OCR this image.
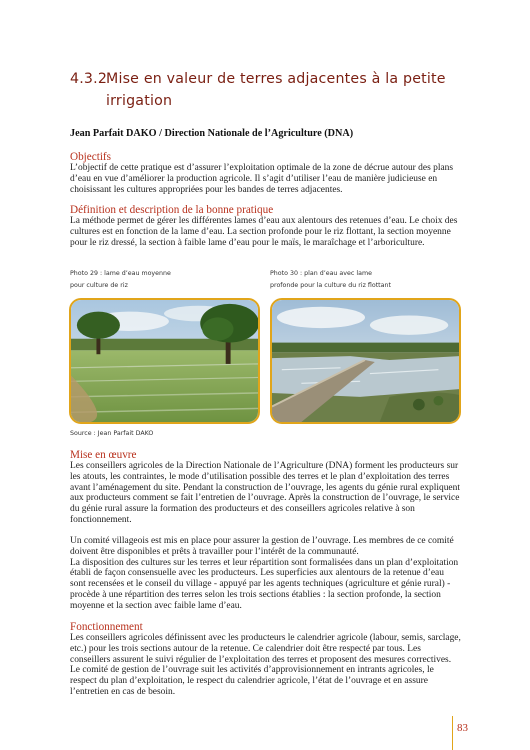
4.3.2Mise en valeur de terres adjacentes à la petite
irrigation
Jean Parfait DAKO / Direction Nationale de l’Agriculture (DNA)
Objectifs

L’objectif de cette pratique est d’assurer l’exploitation optimale de la zone de décrue autour des plans d’eau en vue d’améliorer la production agricole. Il s’agit d’utiliser l’eau de manière judicieuse en choisissant les cultures appropriées pour les bandes de terres adjacentes.

Définition et description de la bonne pratique

La méthode permet de gérer les différentes lames d’eau aux alentours des retenues d’eau. Le choix des cultures est en fonction de la lame d’eau. La section profonde pour le riz flottant, la section moyenne pour le riz dressé, la section à faible lame d’eau pour le maïs, le maraîchage et l’arboriculture.

Photo 29 : lame d’eau moyenne
pour culture de riz
Photo 30 : plan d’eau avec lame
profonde pour la culture du riz flottant
Source : Jean Parfait DAKO
Mise en œuvre

Les conseillers agricoles de la Direction Nationale de l’Agriculture (DNA) forment les producteurs sur les atouts, les contraintes, le mode d’utilisation possible des terres et le plan d’exploitation des terres avant l’aménagement du site. Pendant la construction de l’ouvrage, les agents du génie rural expliquent aux producteurs comment se fait l’entretien de l’ouvrage. Après la construction de l’ouvrage, le service du génie rural assure la formation des producteurs et des conseillers agricoles relative à son fonctionnement.

Un comité villageois est mis en place pour assurer la gestion de l’ouvrage. Les membres de ce comité doivent être disponibles et prêts à travailler pour l’intérêt de la communauté.

La disposition des cultures sur les terres et leur répartition sont formalisées dans un plan d’exploitation établi de façon consensuelle avec les producteurs. Les superficies aux alentours de la retenue d’eau sont recensées et le conseil du village - appuyé par les agents techniques (agriculture et génie rural) - procède à une répartition des terres selon les trois sections établies : la section profonde, la section moyenne et la section avec faible lame d’eau.

Fonctionnement

Les conseillers agricoles définissent avec les producteurs le calendrier agricole (labour, semis, sarclage, etc.) pour les trois sections autour de la retenue. Ce calendrier doit être respecté par tous. Les conseillers assurent le suivi régulier de l’exploitation des terres et proposent des mesures correctives.

Le comité de gestion de l’ouvrage suit les activités d’approvisionnement en intrants agricoles, le respect du plan d’exploitation, le respect du calendrier agricole, l’état de l’ouvrage et en assure l’entretien en cas de besoin.

83
